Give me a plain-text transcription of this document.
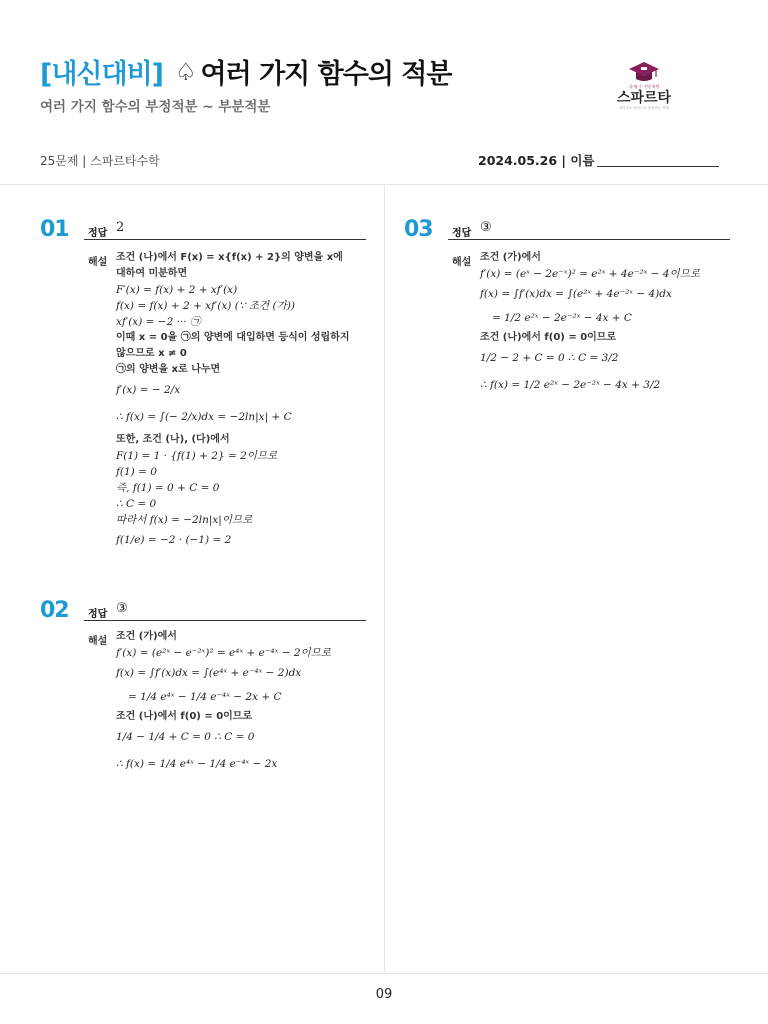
[내신대비] ♤ 여러 가지 함수의 적분
여러 가지 함수의 부정적분 ~ 부분적분
국·영·수 전문학원
스파르타
자기주도 학습으로 완성되는 학원
25문제 | 스파르타수학	2024.05.26 | 이름
01 정답 2
해설 조건 (나)에서 F(x) = x{f(x) + 2}의 양변을 x에
대하여 미분하면
F′(x) = f(x) + 2 + xf′(x)
f(x) = f(x) + 2 + xf′(x) (∵ 조건 (가))
xf′(x) = −2 ··· ㉠
이때 x = 0을 ㉠의 양변에 대입하면 등식이 성립하지
않으므로 x ≠ 0
㉠의 양변을 x로 나누면
f′(x) = − 2/x
∴ f(x) = ∫(− 2/x)dx = −2ln|x| + C
또한, 조건 (나), (다)에서
F(1) = 1 · {f(1) + 2} = 2이므로
f(1) = 0
즉, f(1) = 0 + C = 0
∴ C = 0
따라서 f(x) = −2ln|x|이므로
f(1/e) = −2 · (−1) = 2
02 정답 ③
해설 조건 (가)에서
f′(x) = (e²ˣ − e⁻²ˣ)² = e⁴ˣ + e⁻⁴ˣ − 2이므로
f(x) = ∫f′(x)dx = ∫(e⁴ˣ + e⁻⁴ˣ − 2)dx
= 1/4 e⁴ˣ − 1/4 e⁻⁴ˣ − 2x + C
조건 (나)에서 f(0) = 0이므로
1/4 − 1/4 + C = 0 ∴ C = 0
∴ f(x) = 1/4 e⁴ˣ − 1/4 e⁻⁴ˣ − 2x
03 정답 ③
해설 조건 (가)에서
f′(x) = (eˣ − 2e⁻ˣ)² = e²ˣ + 4e⁻²ˣ − 4이므로
f(x) = ∫f′(x)dx = ∫(e²ˣ + 4e⁻²ˣ − 4)dx
= 1/2 e²ˣ − 2e⁻²ˣ − 4x + C
조건 (나)에서 f(0) = 0이므로
1/2 − 2 + C = 0 ∴ C = 3/2
∴ f(x) = 1/2 e²ˣ − 2e⁻²ˣ − 4x + 3/2
09
